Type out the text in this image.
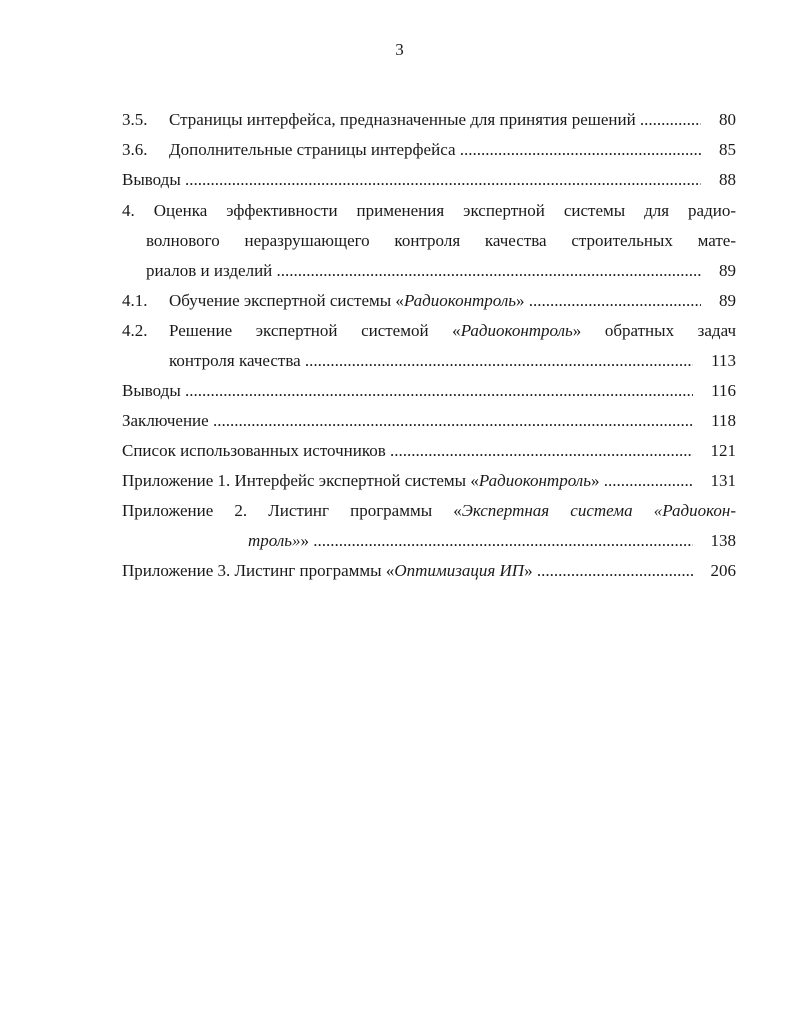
3
3.5. Страницы интерфейса, предназначенные для принятия решений .....	80
3.6. Дополнительные страницы интерфейса .....	85
Выводы .....	88
4. Оценка эффективности применения экспертной системы для радио-
волнового неразрушающего контроля качества строительных мате-
риалов и изделий .....	89
4.1. Обучение экспертной системы «Радиоконтроль» .....	89
4.2. Решение экспертной системой «Радиоконтроль» обратных задач
контроля качества .....	113
Выводы .....	116
Заключение .....	118
Список использованных источников .....	121
Приложение 1. Интерфейс экспертной системы «Радиоконтроль» .....	131
Приложение 2. Листинг программы «Экспертная система «Радиокон-
троль»» .....	138
Приложение 3. Листинг программы «Оптимизация ИП» .....	206
